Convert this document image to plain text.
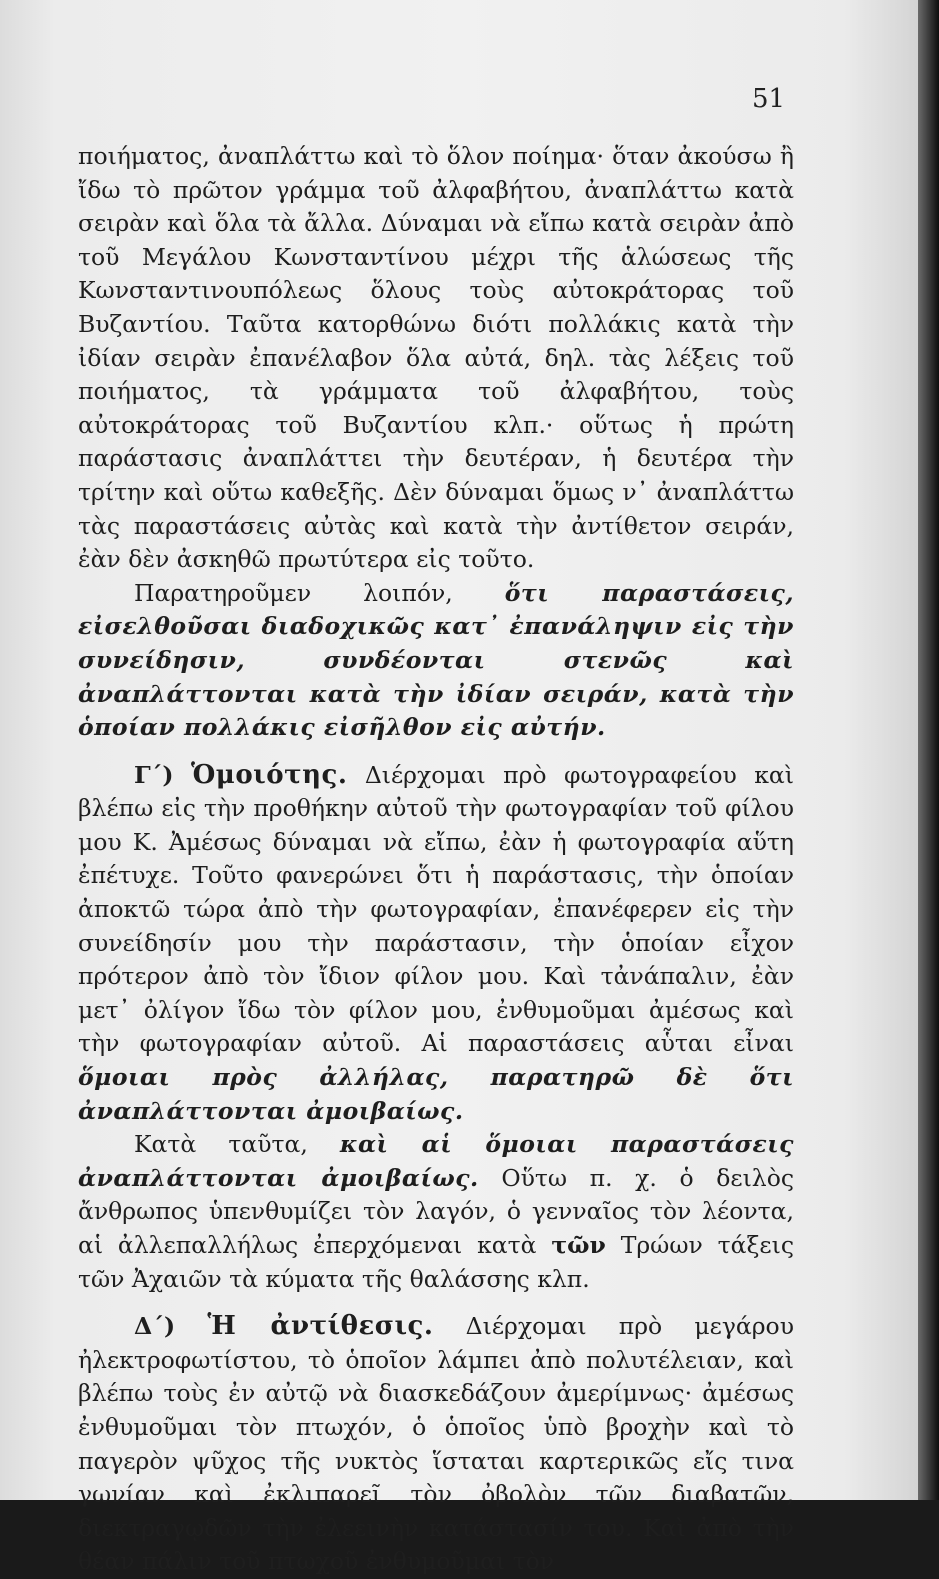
51

ποιήματος, ἀναπλάττω καὶ τὸ ὅλον ποίημα· ὅταν ἀκούσω ἢ ἴδω τὸ πρῶτον γράμμα τοῦ ἀλφαβήτου, ἀναπλάττω κατὰ σειρὰν καὶ ὅλα τὰ ἄλλα. Δύναμαι νὰ εἴπω κατὰ σειρὰν ἀπὸ τοῦ Μεγάλου Κωνσταντίνου μέχρι τῆς ἁλώσεως τῆς Κωνσταντινουπόλεως ὅλους τοὺς αὐτοκράτορας τοῦ Βυζαντίου. Ταῦτα κατορθώνω διότι πολλάκις κατὰ τὴν ἰδίαν σειρὰν ἐπανέλαβον ὅλα αὐτά, δηλ. τὰς λέξεις τοῦ ποιήματος, τὰ γράμματα τοῦ ἀλφαβήτου, τοὺς αὐτοκράτορας τοῦ Βυζαντίου κλπ.· οὕτως ἡ πρώτη παράστασις ἀναπλάττει τὴν δευτέραν, ἡ δευτέρα τὴν τρίτην καὶ οὕτω καθεξῆς. Δὲν δύναμαι ὅμως ν᾿ ἀναπλάττω τὰς παραστάσεις αὐτὰς καὶ κατὰ τὴν ἀντίθετον σειράν, ἐὰν δὲν ἀσκηθῶ πρωτύτερα εἰς τοῦτο.

Παρατηροῦμεν λοιπόν, ὅτι παραστάσεις, εἰσελθοῦσαι διαδοχικῶς κατ᾿ ἐπανάληψιν εἰς τὴν συνείδησιν, συνδέονται στενῶς καὶ ἀναπλάττονται κατὰ τὴν ἰδίαν σειράν, κατὰ τὴν ὁποίαν πολλάκις εἰσῆλθον εἰς αὐτήν.

Γ΄) Ὁμοιότης. Διέρχομαι πρὸ φωτογραφείου καὶ βλέπω εἰς τὴν προθήκην αὐτοῦ τὴν φωτογραφίαν τοῦ φίλου μου Κ. Ἀμέσως δύναμαι νὰ εἴπω, ἐὰν ἡ φωτογραφία αὕτη ἐπέτυχε. Τοῦτο φανερώνει ὅτι ἡ παράστασις, τὴν ὁποίαν ἀποκτῶ τώρα ἀπὸ τὴν φωτογραφίαν, ἐπανέφερεν εἰς τὴν συνείδησίν μου τὴν παράστασιν, τὴν ὁποίαν εἶχον πρότερον ἀπὸ τὸν ἴδιον φίλον μου. Καὶ τἀνάπαλιν, ἐὰν μετ᾿ ὀλίγον ἴδω τὸν φίλον μου, ἐνθυμοῦμαι ἀμέσως καὶ τὴν φωτογραφίαν αὐτοῦ. Αἱ παραστάσεις αὗται εἶναι ὅμοιαι πρὸς ἀλλήλας, παρατηρῶ δὲ ὅτι ἀναπλάττονται ἀμοιβαίως.

Κατὰ ταῦτα, καὶ αἱ ὅμοιαι παραστάσεις ἀναπλάττονται ἀμοιβαίως. Οὕτω π. χ. ὁ δειλὸς ἄνθρωπος ὑπενθυμίζει τὸν λαγόν, ὁ γενναῖος τὸν λέοντα, αἱ ἀλλεπαλλήλως ἐπερχόμεναι κατὰ τῶν Τρώων τάξεις τῶν Ἀχαιῶν τὰ κύματα τῆς θαλάσσης κλπ.

Δ΄) Ἡ ἀντίθεσις. Διέρχομαι πρὸ μεγάρου ἠλεκτροφωτίστου, τὸ ὁποῖον λάμπει ἀπὸ πολυτέλειαν, καὶ βλέπω τοὺς ἐν αὐτῷ νὰ διασκεδάζουν ἀμερίμνως· ἀμέσως ἐνθυμοῦμαι τὸν πτωχόν, ὁ ὁποῖος ὑπὸ βροχὴν καὶ τὸ παγερὸν ψῦχος τῆς νυκτὸς ἵσταται καρτερικῶς εἴς τινα γωνίαν καὶ ἐκλιπαρεῖ τὸν ὀβολὸν τῶν διαβατῶν, διεκτραγῳδῶν τὴν ἐλεεινὴν κατάστασίν του. Καὶ ἀπὸ τὴν θέαν πάλιν τοῦ πτωχοῦ ἐνθυμοῦμαι τὸν
